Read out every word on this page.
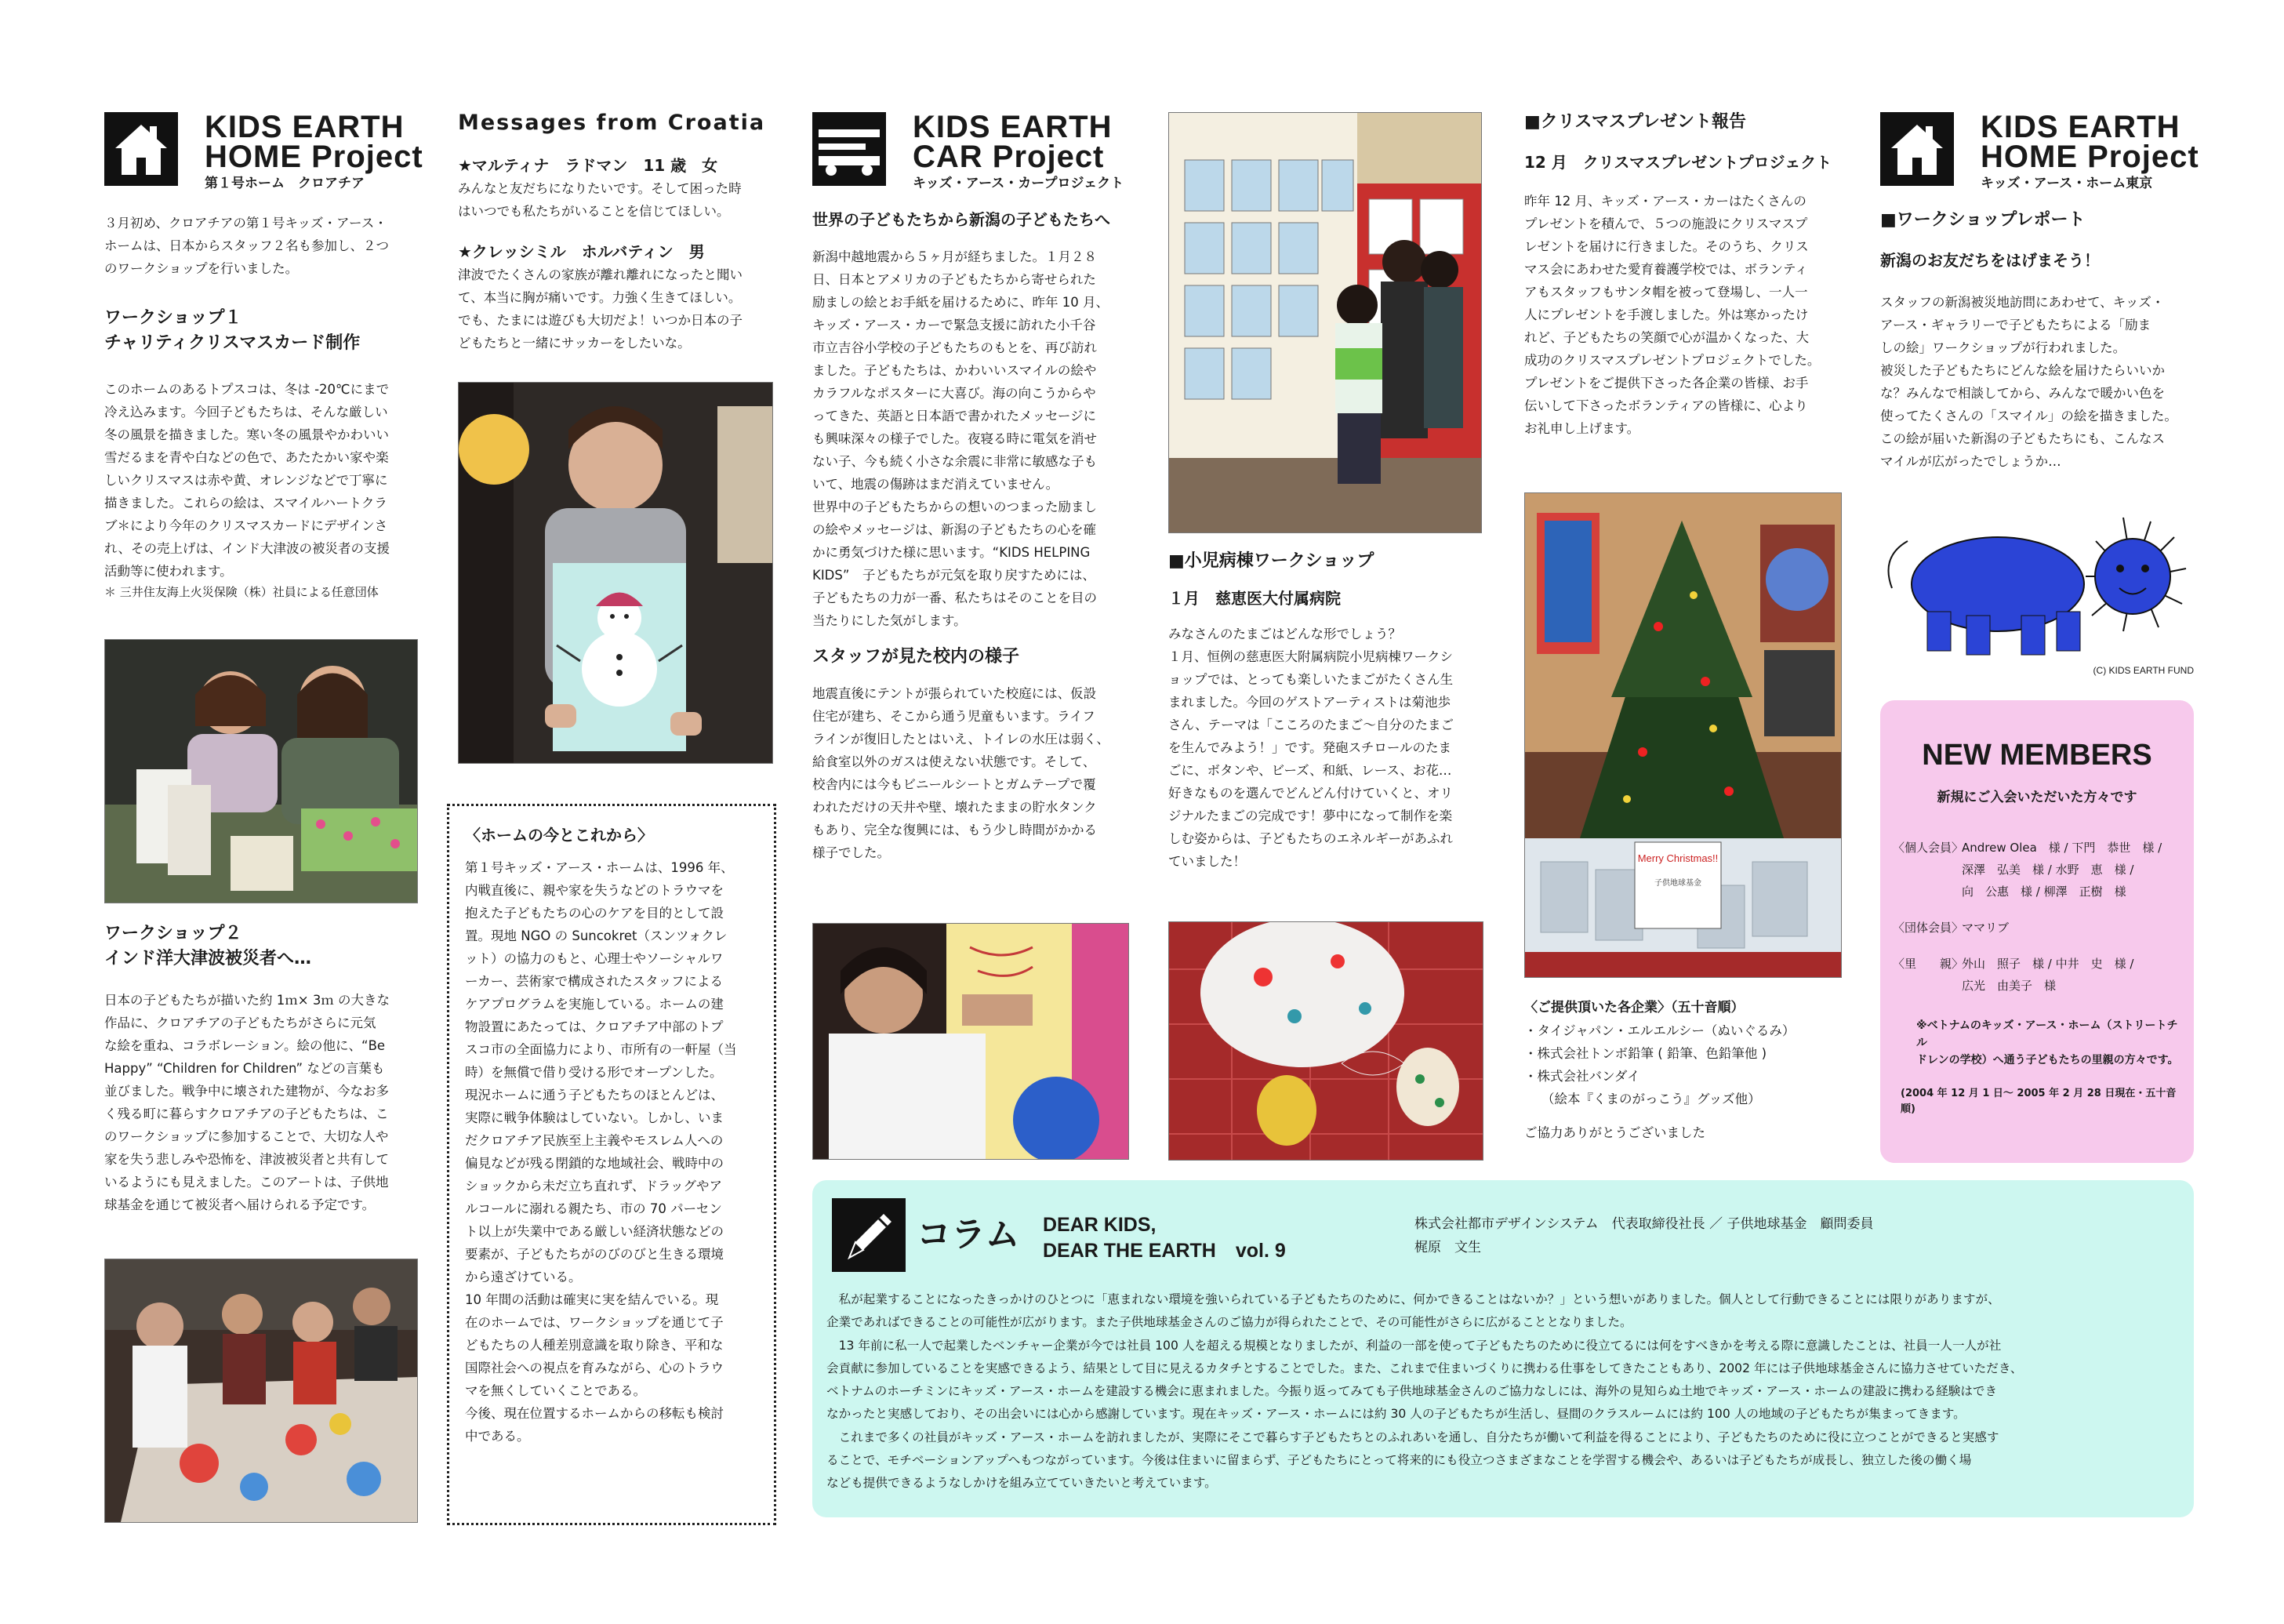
KIDS EARTH
HOME Project
第１号ホーム　クロアチア

３月初め、クロアチアの第１号キッズ・アース・
ホームは、日本からスタッフ２名も参加し、２つ
のワークショップを行いました。

ワークショップ１

チャリティクリスマスカード制作

このホームのあるトプスコは、冬は -20℃にまで
冷え込みます。今回子どもたちは、そんな厳しい
冬の風景を描きました。寒い冬の風景やかわいい
雪だるまを青や白などの色で、あたたかい家や楽
しいクリスマスは赤や黄、オレンジなどで丁寧に
描きました。これらの絵は、スマイルハートクラ
ブ＊により今年のクリスマスカードにデザインさ
れ、その売上げは、インド大津波の被災者の支援
活動等に使われます。

＊ 三井住友海上火災保険（株）社員による任意団体

ワークショップ２

インド洋大津波被災者へ…

日本の子どもたちが描いた約 1ｍ× 3ｍ の大きな
作品に、クロアチアの子どもたちがさらに元気
な絵を重ね、コラボレーション。絵の他に、“Be
Happy” “Children for Children” などの言葉も
並びました。戦争中に壊された建物が、今なお多
く残る町に暮らすクロアチアの子どもたちは、こ
のワークショップに参加することで、大切な人や
家を失う悲しみや恐怖を、津波被災者と共有して
いるようにも見えました。このアートは、子供地
球基金を通じて被災者へ届けられる予定です。

Messages from Croatia

★マルティナ　ラドマン　11 歳　女

みんなと友だちになりたいです。そして困った時
はいつでも私たちがいることを信じてほしい。

★クレッシミル　ホルバティン　男

津波でたくさんの家族が離れ離れになったと聞い
て、本当に胸が痛いです。力強く生きてほしい。
でも、たまには遊びも大切だよ！いつか日本の子
どもたちと一緒にサッカーをしたいな。

〈ホームの今とこれから〉

第１号キッズ・アース・ホームは、1996 年、
内戦直後に、親や家を失うなどのトラウマを
抱えた子どもたちの心のケアを目的として設
置。現地 NGO の Suncokret（スンツォクレ
ット）の協力のもと、心理士やソーシャルワ
ーカー、芸術家で構成されたスタッフによる
ケアプログラムを実施している。ホームの建
物設置にあたっては、クロアチア中部のトプ
スコ市の全面協力により、市所有の一軒屋（当
時）を無償で借り受ける形でオープンした。
現況ホームに通う子どもたちのほとんどは、
実際に戦争体験はしていない。しかし、いま
だクロアチア民族至上主義やモスレム人への
偏見などが残る閉鎖的な地域社会、戦時中の
ショックから未だ立ち直れず、ドラッグやア
ルコールに溺れる親たち、市の 70 パーセン
ト以上が失業中である厳しい経済状態などの
要素が、子どもたちがのびのびと生きる環境
から遠ざけている。
10 年間の活動は確実に実を結んでいる。現
在のホームでは、ワークショップを通じて子
どもたちの人種差別意識を取り除き、平和な
国際社会への視点を育みながら、心のトラウ
マを無くしていくことである。
今後、現在位置するホームからの移転も検討
中である。

KIDS EARTH
CAR Project
キッズ・アース・カープロジェクト

世界の子どもたちから新潟の子どもたちへ

新潟中越地震から５ヶ月が経ちました。１月２８
日、日本とアメリカの子どもたちから寄せられた
励ましの絵とお手紙を届けるために、昨年 10 月、
キッズ・アース・カーで緊急支援に訪れた小千谷
市立吉谷小学校の子どもたちのもとを、再び訪れ
ました。子どもたちは、かわいいスマイルの絵や
カラフルなポスターに大喜び。海の向こうからや
ってきた、英語と日本語で書かれたメッセージに
も興味深々の様子でした。夜寝る時に電気を消せ
ない子、今も続く小さな余震に非常に敏感な子も
いて、地震の傷跡はまだ消えていません。
世界中の子どもたちからの想いのつまった励まし
の絵やメッセージは、新潟の子どもたちの心を確
かに勇気づけた様に思います。“KIDS HELPING
KIDS”　子どもたちが元気を取り戻すためには、
子どもたちの力が一番、私たちはそのことを目の
当たりにした気がします。

スタッフが見た校内の様子

地震直後にテントが張られていた校庭には、仮設
住宅が建ち、そこから通う児童もいます。ライフ
ラインが復旧したとはいえ、トイレの水圧は弱く、
給食室以外のガスは使えない状態です。そして、
校舎内には今もビニールシートとガムテープで覆
われただけの天井や壁、壊れたままの貯水タンク
もあり、完全な復興には、もう少し時間がかかる
様子でした。

■小児病棟ワークショップ

１月　慈恵医大付属病院

みなさんのたまごはどんな形でしょう？
１月、恒例の慈恵医大附属病院小児病棟ワークシ
ョップでは、とっても楽しいたまごがたくさん生
まれました。今回のゲストアーティストは菊池歩
さん、テーマは「こころのたまご〜自分のたまご
を生んでみよう！」です。発砲スチロールのたま
ごに、ボタンや、ビーズ、和紙、レース、お花…
好きなものを選んでどんどん付けていくと、オリ
ジナルたまごの完成です！夢中になって制作を楽
しむ姿からは、子どもたちのエネルギーがあふれ
ていました！

■クリスマスプレゼント報告

12 月　クリスマスプレゼントプロジェクト

昨年 12 月、キッズ・アース・カーはたくさんの
プレゼントを積んで、５つの施設にクリスマスプ
レゼントを届けに行きました。そのうち、クリス
マス会にあわせた愛育養護学校では、ボランティ
アもスタッフもサンタ帽を被って登場し、一人一
人にプレゼントを手渡しました。外は寒かったけ
れど、子どもたちの笑顔で心が温かくなった、大
成功のクリスマスプレゼントプロジェクトでした。
プレゼントをご提供下さった各企業の皆様、お手
伝いして下さったボランティアの皆様に、心より
お礼申し上げます。

Merry Christmas!!
子供地球基金

〈ご提供頂いた各企業〉（五十音順）

・タイジャパン・エルエルシー（ぬいぐるみ）

・株式会社トンボ鉛筆 ( 鉛筆、色鉛筆他 )

・株式会社バンダイ

（絵本『くまのがっこう』グッズ他）

ご協力ありがとうございました

KIDS EARTH
HOME Project
キッズ・アース・ホーム東京

■ワークショップレポート

新潟のお友だちをはげまそう！

スタッフの新潟被災地訪問にあわせて、キッズ・
アース・ギャラリーで子どもたちによる「励ま
しの絵」ワークショップが行われました。
被災した子どもたちにどんな絵を届けたらいいか
な？みんなで相談してから、みんなで暖かい色を
使ってたくさんの「スマイル」の絵を描きました。
この絵が届いた新潟の子どもたちにも、こんなス
マイルが広がったでしょうか…

(C) KIDS EARTH FUND

NEW MEMBERS

新規にご入会いただいた方々です

〈個人会員〉
Andrew Olea　様 / 下門　恭世　様 /
深澤　弘美　様 / 水野　恵　様 /
向　公惠　様 / 柳澤　正樹　様
〈団体会員〉
ママリブ
〈里　　親〉
外山　照子　様 / 中井　史　様 /
広光　由美子　様

※ベトナムのキッズ・アース・ホーム（ストリートチル
ドレンの学校）へ通う子どもたちの里親の方々です。

(2004 年 12 月 1 日〜 2005 年 2 月 28 日現在・五十音順)

コラム DEAR KIDS,
DEAR THE EARTH　vol. 9
株式会社都市デザインシステム　代表取締役社長 ／ 子供地球基金　顧問委員
梶原　文生

　私が起業することになったきっかけのひとつに「恵まれない環境を強いられている子どもたちのために、何かできることはないか？」という想いがありました。個人として行動できることには限りがありますが、
企業であればできることの可能性が広がります。また子供地球基金さんのご協力が得られたことで、その可能性がさらに広がることとなりました。
　13 年前に私一人で起業したベンチャー企業が今では社員 100 人を超える規模となりましたが、利益の一部を使って子どもたちのために役立てるには何をすべきかを考える際に意識したことは、社員一人一人が社
会貢献に参加していることを実感できるよう、結果として目に見えるカタチとすることでした。また、これまで住まいづくりに携わる仕事をしてきたこともあり、2002 年には子供地球基金さんに協力させていただき、
ベトナムのホーチミンにキッズ・アース・ホームを建設する機会に恵まれました。今振り返ってみても子供地球基金さんのご協力なしには、海外の見知らぬ土地でキッズ・アース・ホームの建設に携わる経験はでき
なかったと実感しており、その出会いには心から感謝しています。現在キッズ・アース・ホームには約 30 人の子どもたちが生活し、昼間のクラスルームには約 100 人の地域の子どもたちが集まってきます。
　これまで多くの社員がキッズ・アース・ホームを訪れましたが、実際にそこで暮らす子どもたちとのふれあいを通し、自分たちが働いて利益を得ることにより、子どもたちのために役に立つことができると実感す
ることで、モチベーションアップへもつながっています。今後は住まいに留まらず、子どもたちにとって将来的にも役立つさまざまなことを学習する機会や、あるいは子どもたちが成長し、独立した後の働く場
なども提供できるようなしかけを組み立てていきたいと考えています。
